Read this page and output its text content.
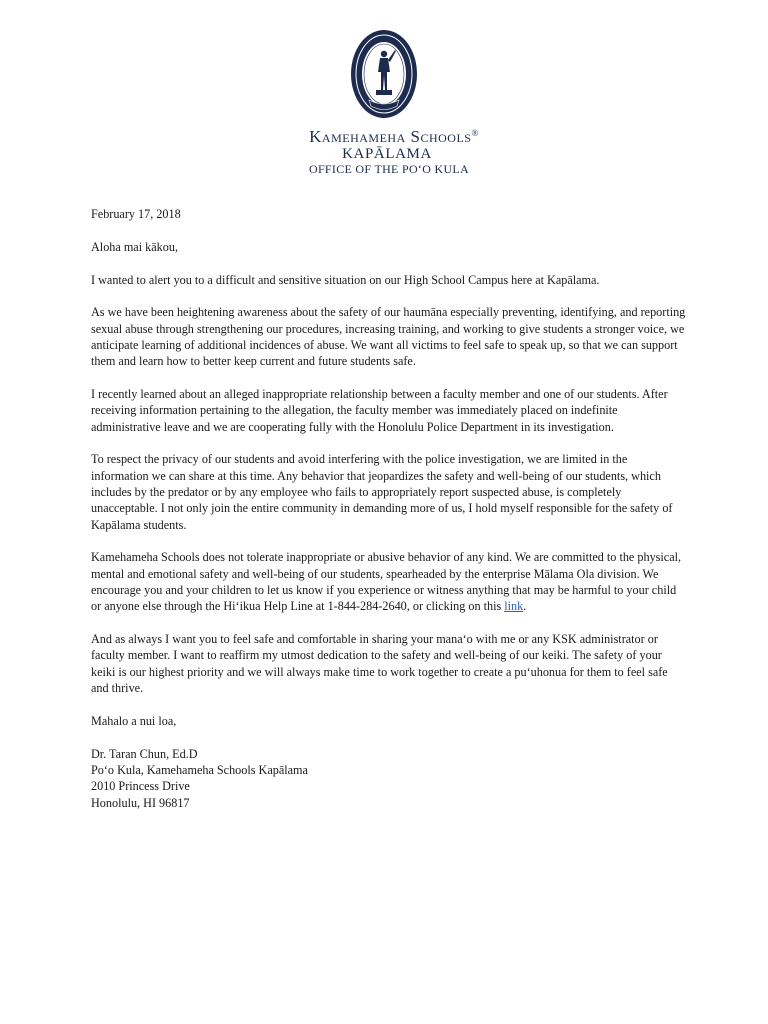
Kamehameha Schools®
KAPĀLAMA
OFFICE OF THE PO‘O KULA

February 17, 2018

Aloha mai kākou,

I wanted to alert you to a difficult and sensitive situation on our High School Campus here at Kapālama.

As we have been heightening awareness about the safety of our haumāna especially preventing, identifying, and reporting sexual abuse through strengthening our procedures, increasing training, and working to give students a stronger voice, we anticipate learning of additional incidences of abuse. We want all victims to feel safe to speak up, so that we can support them and learn how to better keep current and future students safe.

I recently learned about an alleged inappropriate relationship between a faculty member and one of our students. After receiving information pertaining to the allegation, the faculty member was immediately placed on indefinite administrative leave and we are cooperating fully with the Honolulu Police Department in its investigation.

To respect the privacy of our students and avoid interfering with the police investigation, we are limited in the information we can share at this time. Any behavior that jeopardizes the safety and well-being of our students, which includes by the predator or by any employee who fails to appropriately report suspected abuse, is completely unacceptable. I not only join the entire community in demanding more of us, I hold myself responsible for the safety of Kapālama students.

Kamehameha Schools does not tolerate inappropriate or abusive behavior of any kind. We are committed to the physical, mental and emotional safety and well-being of our students, spearheaded by the enterprise Mālama Ola division. We encourage you and your children to let us know if you experience or witness anything that may be harmful to your child or anyone else through the Hi‘ikua Help Line at 1-844-284-2640, or clicking on this link.

And as always I want you to feel safe and comfortable in sharing your mana‘o with me or any KSK administrator or faculty member. I want to reaffirm my utmost dedication to the safety and well-being of our keiki. The safety of your keiki is our highest priority and we will always make time to work together to create a pu‘uhonua for them to feel safe and thrive.

Mahalo a nui loa,

Dr. Taran Chun, Ed.D

Po‘o Kula, Kamehameha Schools Kapālama

2010 Princess Drive

Honolulu, HI 96817
